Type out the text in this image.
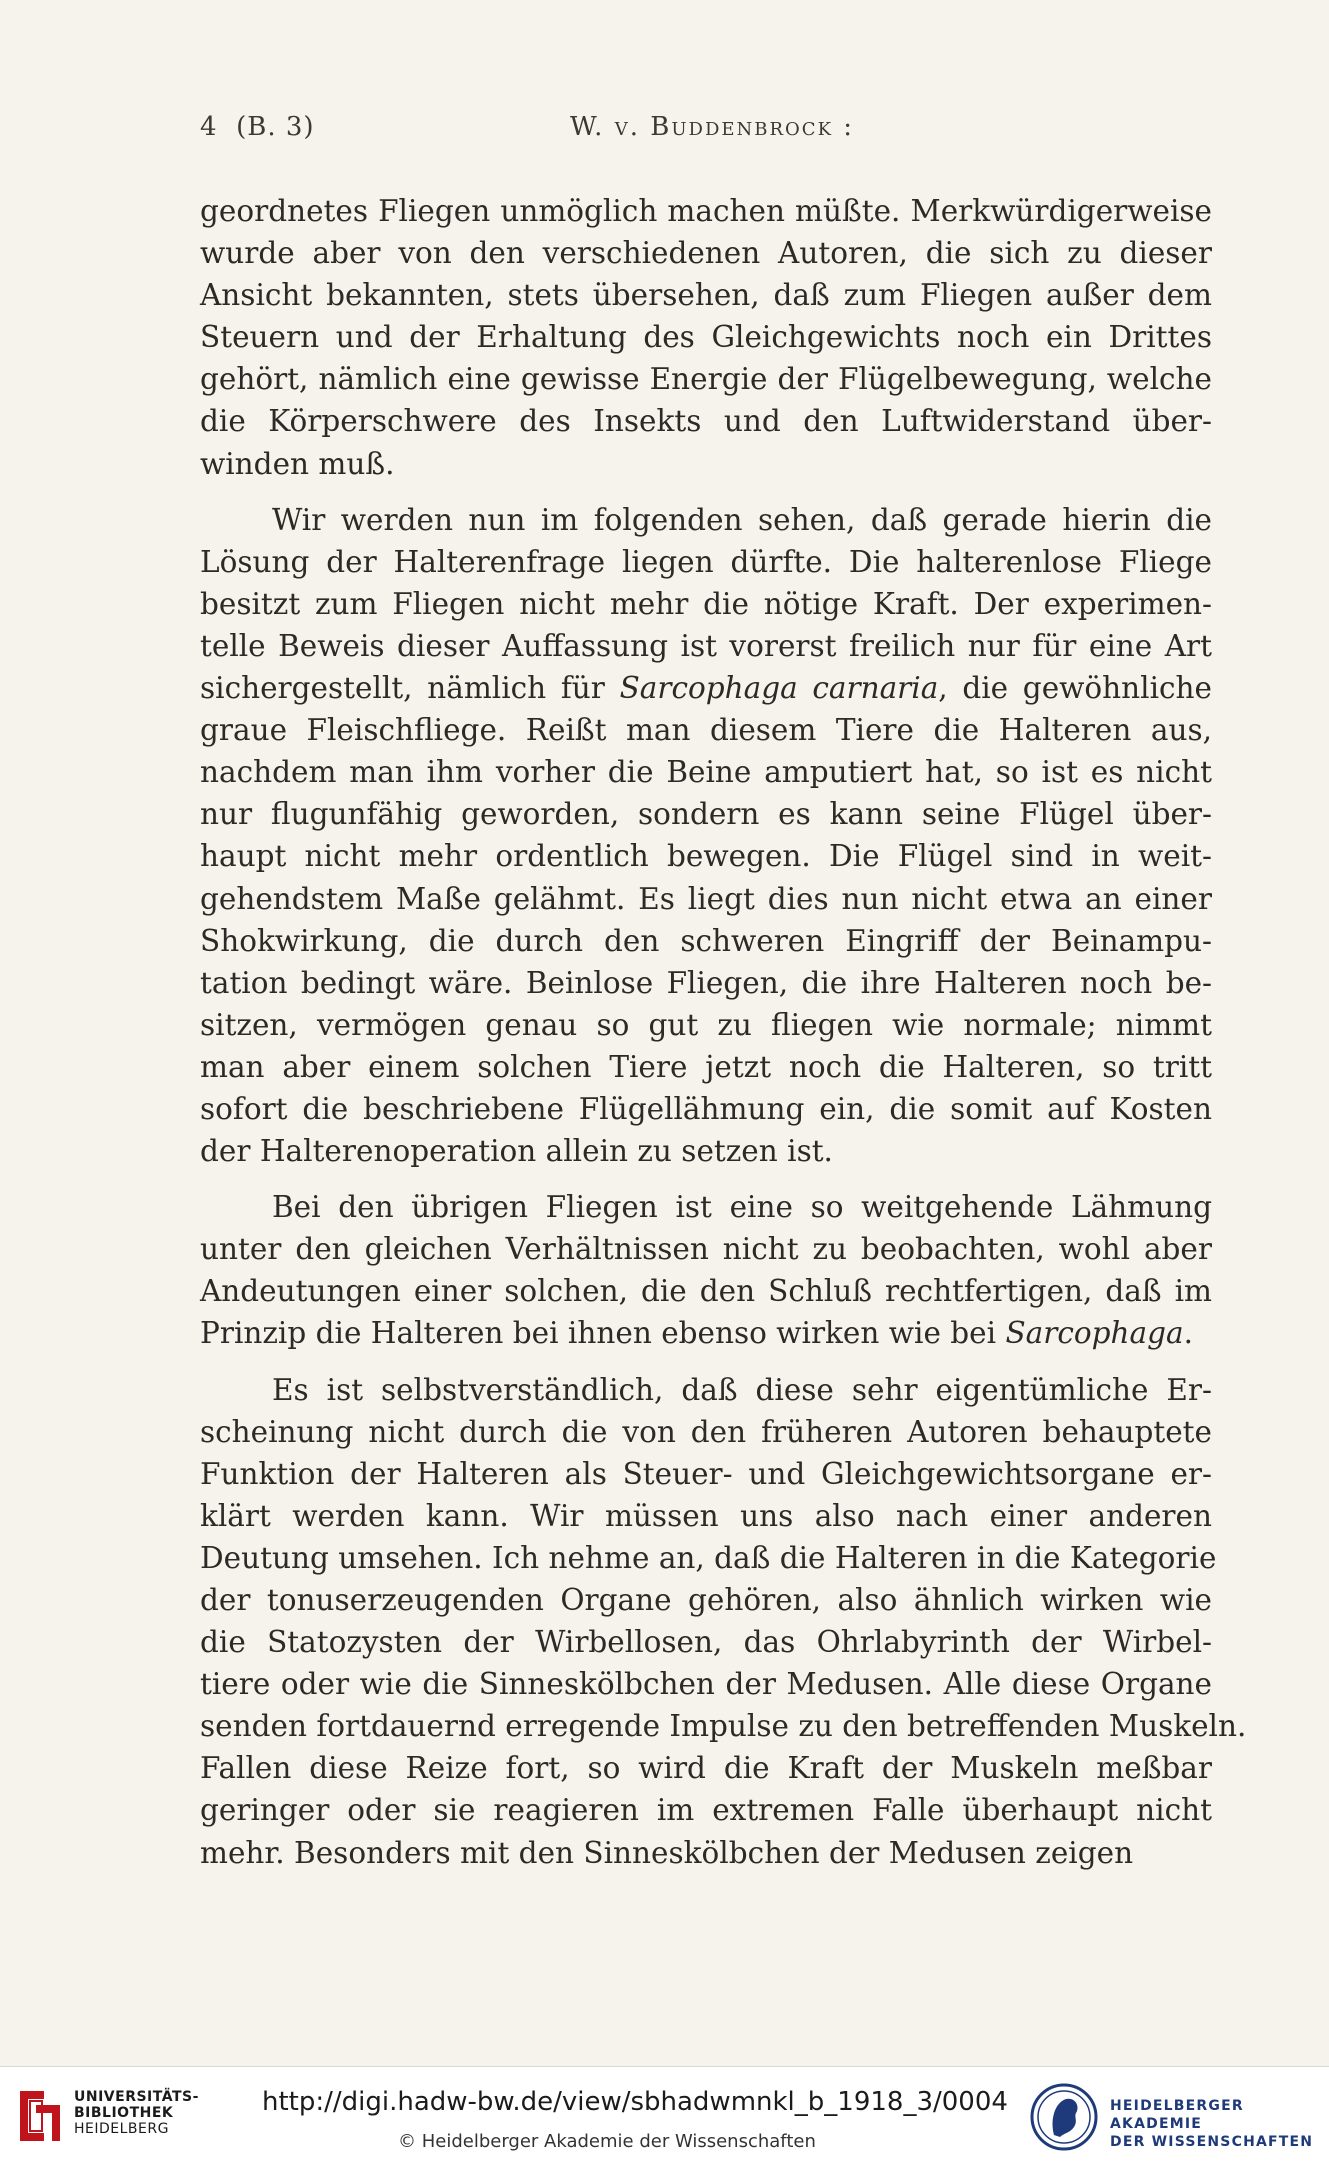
4 (B. 3)	W. v. Buddenbrock :
geordnetes Fliegen unmöglich machen müßte. Merkwürdigerweise
wurde aber von den verschiedenen Autoren, die sich zu dieser
Ansicht bekannten, stets übersehen, daß zum Fliegen außer dem
Steuern und der Erhaltung des Gleichgewichts noch ein Drittes
gehört, nämlich eine gewisse Energie der Flügelbewegung, welche
die Körperschwere des Insekts und den Luftwiderstand über-
winden muß.
Wir werden nun im folgenden sehen, daß gerade hierin die
Lösung der Halterenfrage liegen dürfte. Die halterenlose Fliege
besitzt zum Fliegen nicht mehr die nötige Kraft. Der experimen-
telle Beweis dieser Auffassung ist vorerst freilich nur für eine Art
sichergestellt, nämlich für Sarcophaga carnaria, die gewöhnliche
graue Fleischfliege. Reißt man diesem Tiere die Halteren aus,
nachdem man ihm vorher die Beine amputiert hat, so ist es nicht
nur flugunfähig geworden, sondern es kann seine Flügel über-
haupt nicht mehr ordentlich bewegen. Die Flügel sind in weit-
gehendstem Maße gelähmt. Es liegt dies nun nicht etwa an einer
Shokwirkung, die durch den schweren Eingriff der Beinampu-
tation bedingt wäre. Beinlose Fliegen, die ihre Halteren noch be-
sitzen, vermögen genau so gut zu fliegen wie normale; nimmt
man aber einem solchen Tiere jetzt noch die Halteren, so tritt
sofort die beschriebene Flügellähmung ein, die somit auf Kosten
der Halterenoperation allein zu setzen ist.
Bei den übrigen Fliegen ist eine so weitgehende Lähmung
unter den gleichen Verhältnissen nicht zu beobachten, wohl aber
Andeutungen einer solchen, die den Schluß rechtfertigen, daß im
Prinzip die Halteren bei ihnen ebenso wirken wie bei Sarcophaga.
Es ist selbstverständlich, daß diese sehr eigentümliche Er-
scheinung nicht durch die von den früheren Autoren behauptete
Funktion der Halteren als Steuer- und Gleichgewichtsorgane er-
klärt werden kann. Wir müssen uns also nach einer anderen
Deutung umsehen. Ich nehme an, daß die Halteren in die Kategorie
der tonuserzeugenden Organe gehören, also ähnlich wirken wie
die Statozysten der Wirbellosen, das Ohrlabyrinth der Wirbel-
tiere oder wie die Sinneskölbchen der Medusen. Alle diese Organe
senden fortdauernd erregende Impulse zu den betreffenden Muskeln.
Fallen diese Reize fort, so wird die Kraft der Muskeln meßbar
geringer oder sie reagieren im extremen Falle überhaupt nicht
mehr. Besonders mit den Sinneskölbchen der Medusen zeigen
UNIVERSITÄTS-
BIBLIOTHEK
HEIDELBERG
http://digi.hadw-bw.de/view/sbhadwmnkl_b_1918_3/0004
© Heidelberger Akademie der Wissenschaften
HEIDELBERGER AKADEMIE
DER WISSENSCHAFTEN
